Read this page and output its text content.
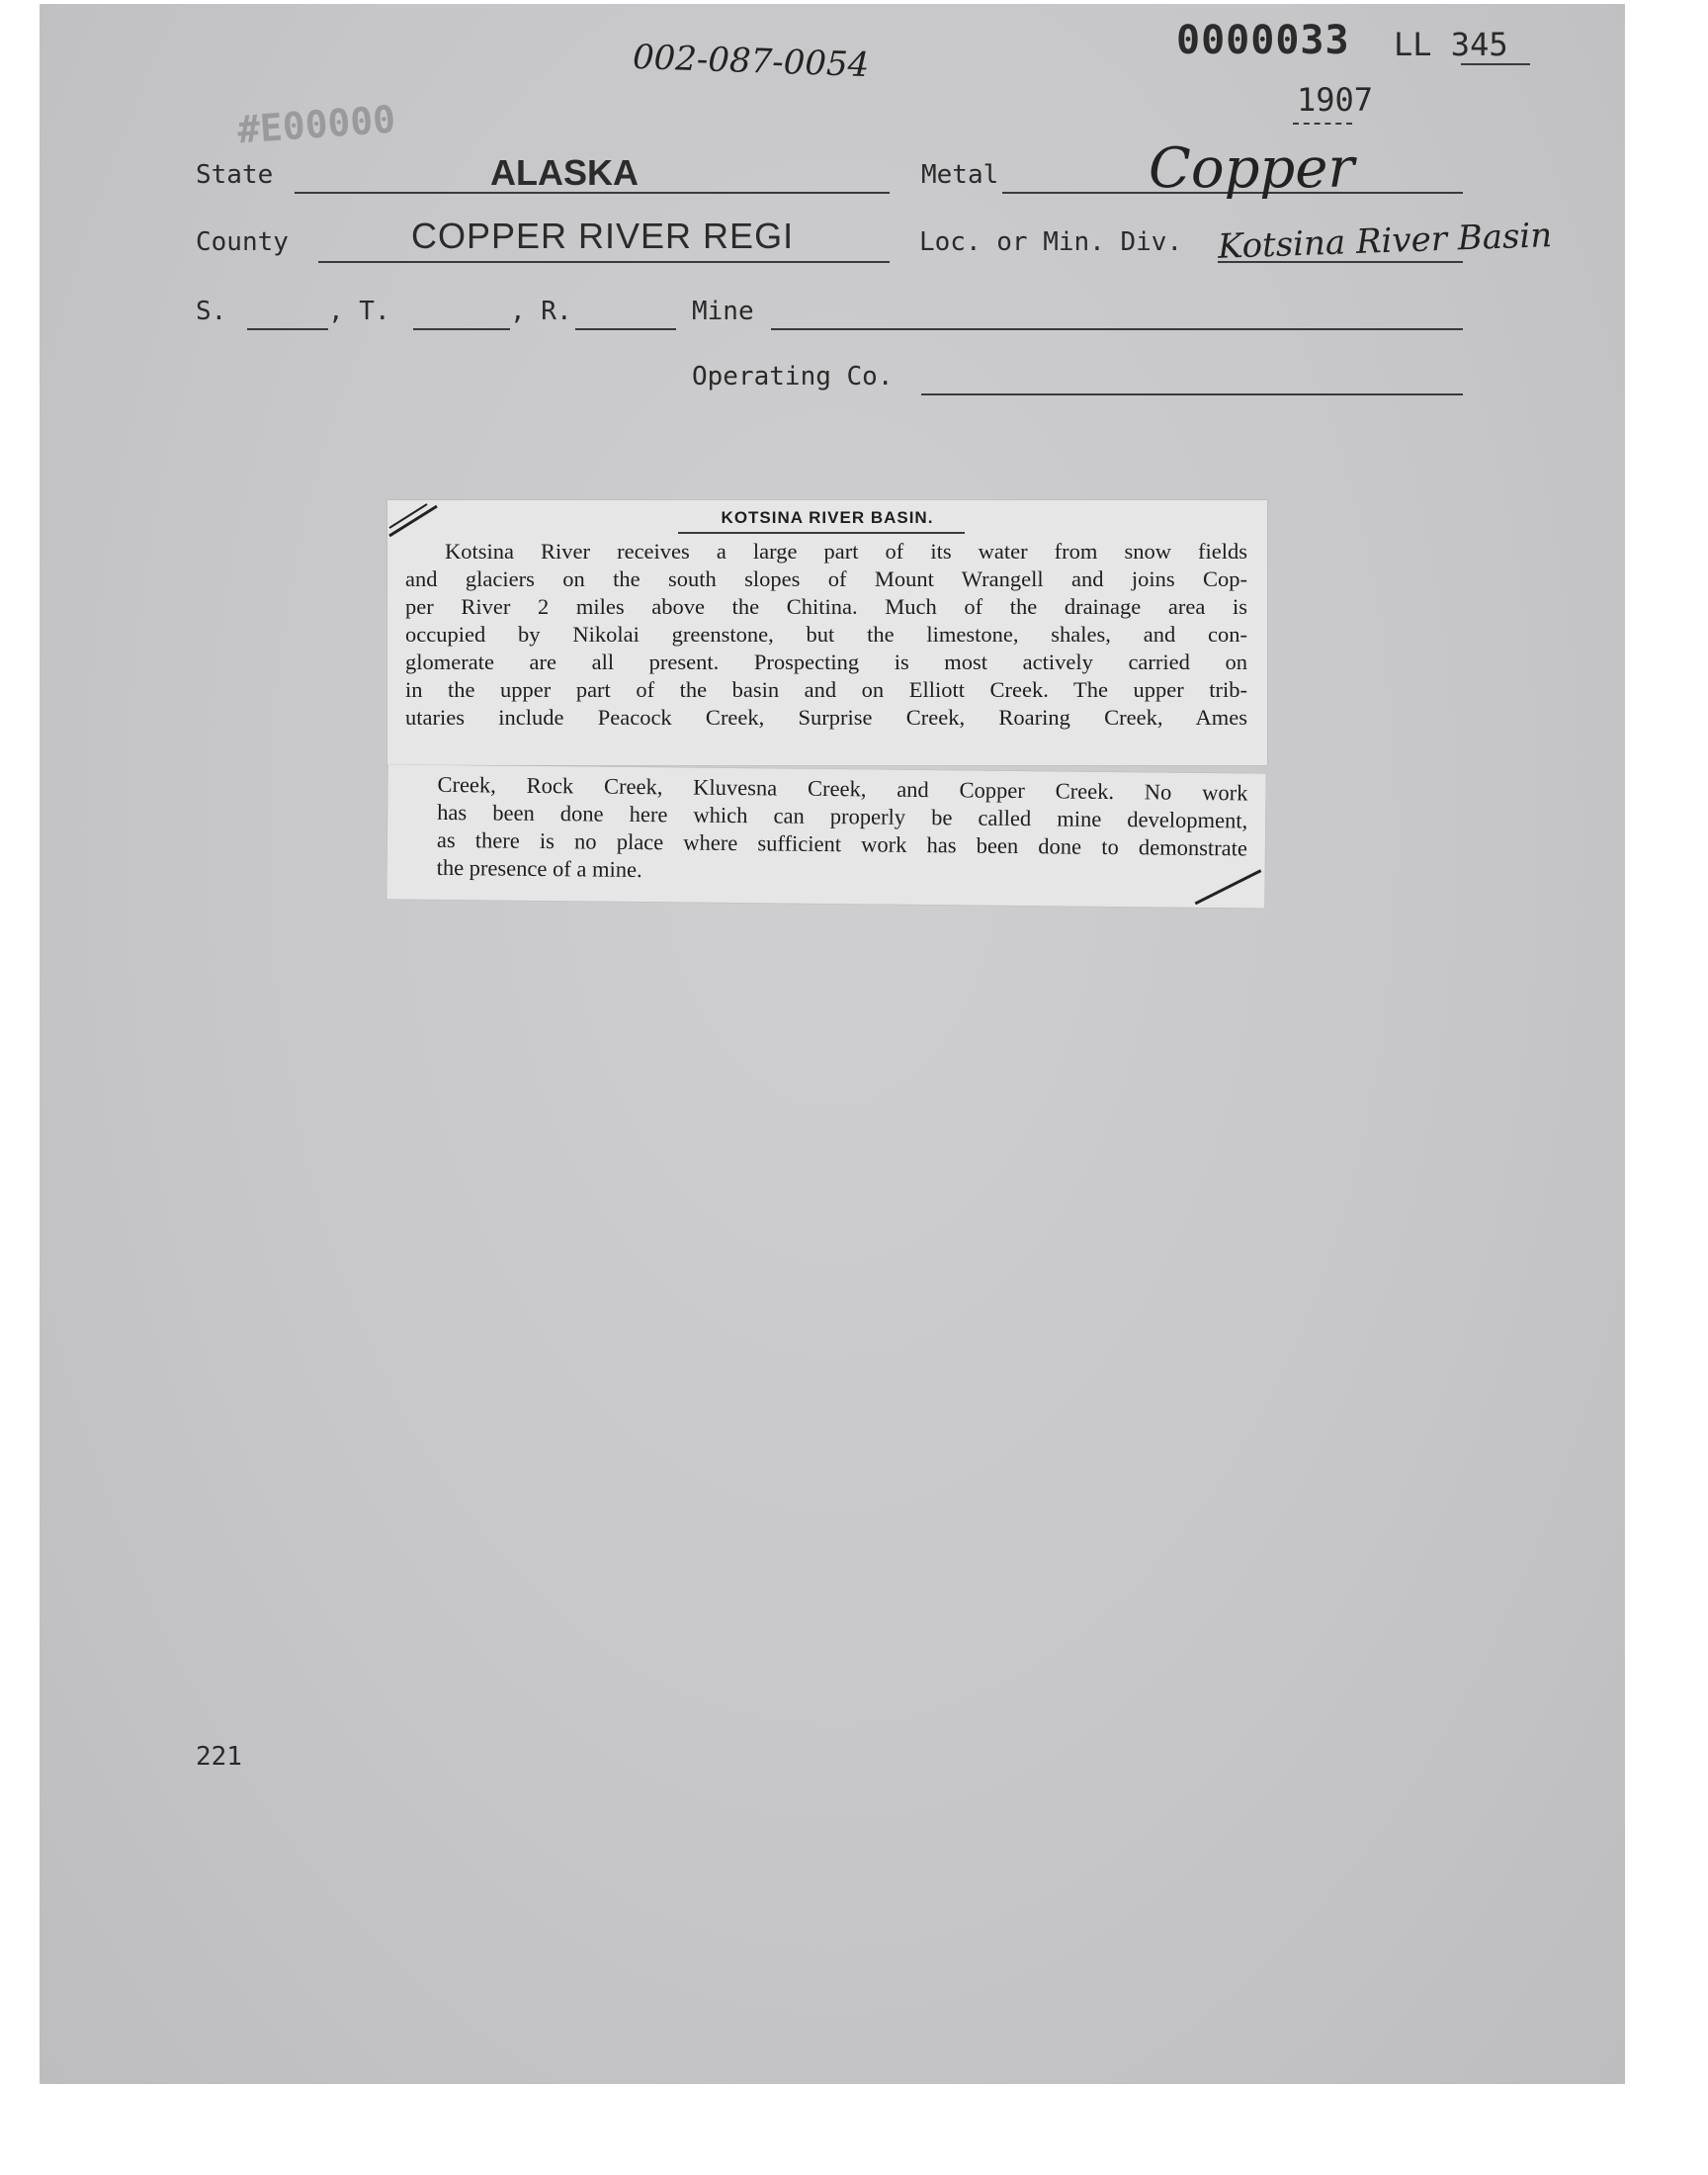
002-087-0054	0000033 LL 345
1907
#E00000
State	ALASKA	Metal	Copper
County	COPPER RIVER REGI	Loc. or Min. Div. Kotsina River Basin
S.	, T.	, R.	Mine
Operating Co.
KOTSINA RIVER BASIN.

Kotsina River receives a large part of its water from snow fields

and glaciers on the south slopes of Mount Wrangell and joins Cop-

per River 2 miles above the Chitina. Much of the drainage area is

occupied by Nikolai greenstone, but the limestone, shales, and con-

glomerate are all present. Prospecting is most actively carried on

in the upper part of the basin and on Elliott Creek. The upper trib-

utaries include Peacock Creek, Surprise Creek, Roaring Creek, Ames

Creek, Rock Creek, Kluvesna Creek, and Copper Creek. No work

has been done here which can properly be called mine development,

as there is no place where sufficient work has been done to demonstrate

the presence of a mine.

221
